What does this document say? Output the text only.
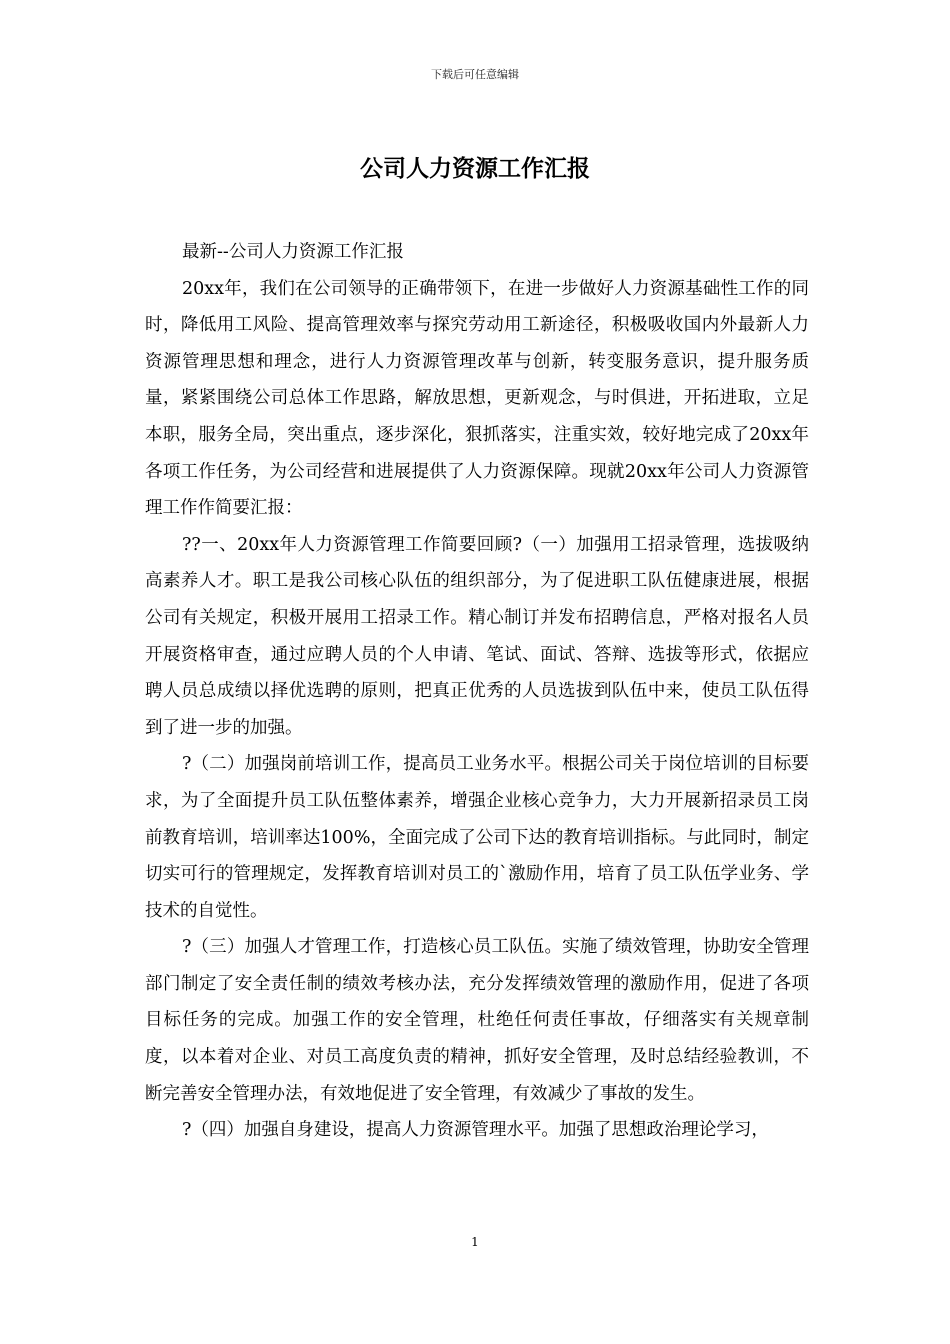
下载后可任意编辑
公司人力资源工作汇报

最新--公司人力资源工作汇报

20xx年，我们在公司领导的正确带领下，在进一步做好人力资源基础性工作的同时，降低用工风险、提高管理效率与探究劳动用工新途径，积极吸收国内外最新人力资源管理思想和理念，进行人力资源管理改革与创新，转变服务意识，提升服务质量，紧紧围绕公司总体工作思路，解放思想，更新观念，与时俱进，开拓进取，立足本职，服务全局，突出重点，逐步深化，狠抓落实，注重实效，较好地完成了20xx年各项工作任务，为公司经营和进展提供了人力资源保障。现就20xx年公司人力资源管理工作作简要汇报：

??一、20xx年人力资源管理工作简要回顾?（一）加强用工招录管理，选拔吸纳高素养人才。职工是我公司核心队伍的组织部分，为了促进职工队伍健康进展，根据公司有关规定，积极开展用工招录工作。精心制订并发布招聘信息，严格对报名人员开展资格审查，通过应聘人员的个人申请、笔试、面试、答辩、选拔等形式，依据应聘人员总成绩以择优选聘的原则，把真正优秀的人员选拔到队伍中来，使员工队伍得到了进一步的加强。

?（二）加强岗前培训工作，提高员工业务水平。根据公司关于岗位培训的目标要求，为了全面提升员工队伍整体素养，增强企业核心竞争力，大力开展新招录员工岗前教育培训，培训率达100%，全面完成了公司下达的教育培训指标。与此同时，制定切实可行的管理规定，发挥教育培训对员工的`激励作用，培育了员工队伍学业务、学技术的自觉性。

?（三）加强人才管理工作，打造核心员工队伍。实施了绩效管理，协助安全管理部门制定了安全责任制的绩效考核办法，充分发挥绩效管理的激励作用，促进了各项目标任务的完成。加强工作的安全管理，杜绝任何责任事故，仔细落实有关规章制度，以本着对企业、对员工高度负责的精神，抓好安全管理，及时总结经验教训，不断完善安全管理办法，有效地促进了安全管理，有效减少了事故的发生。

?（四）加强自身建设，提高人力资源管理水平。加强了思想政治理论学习，

1
